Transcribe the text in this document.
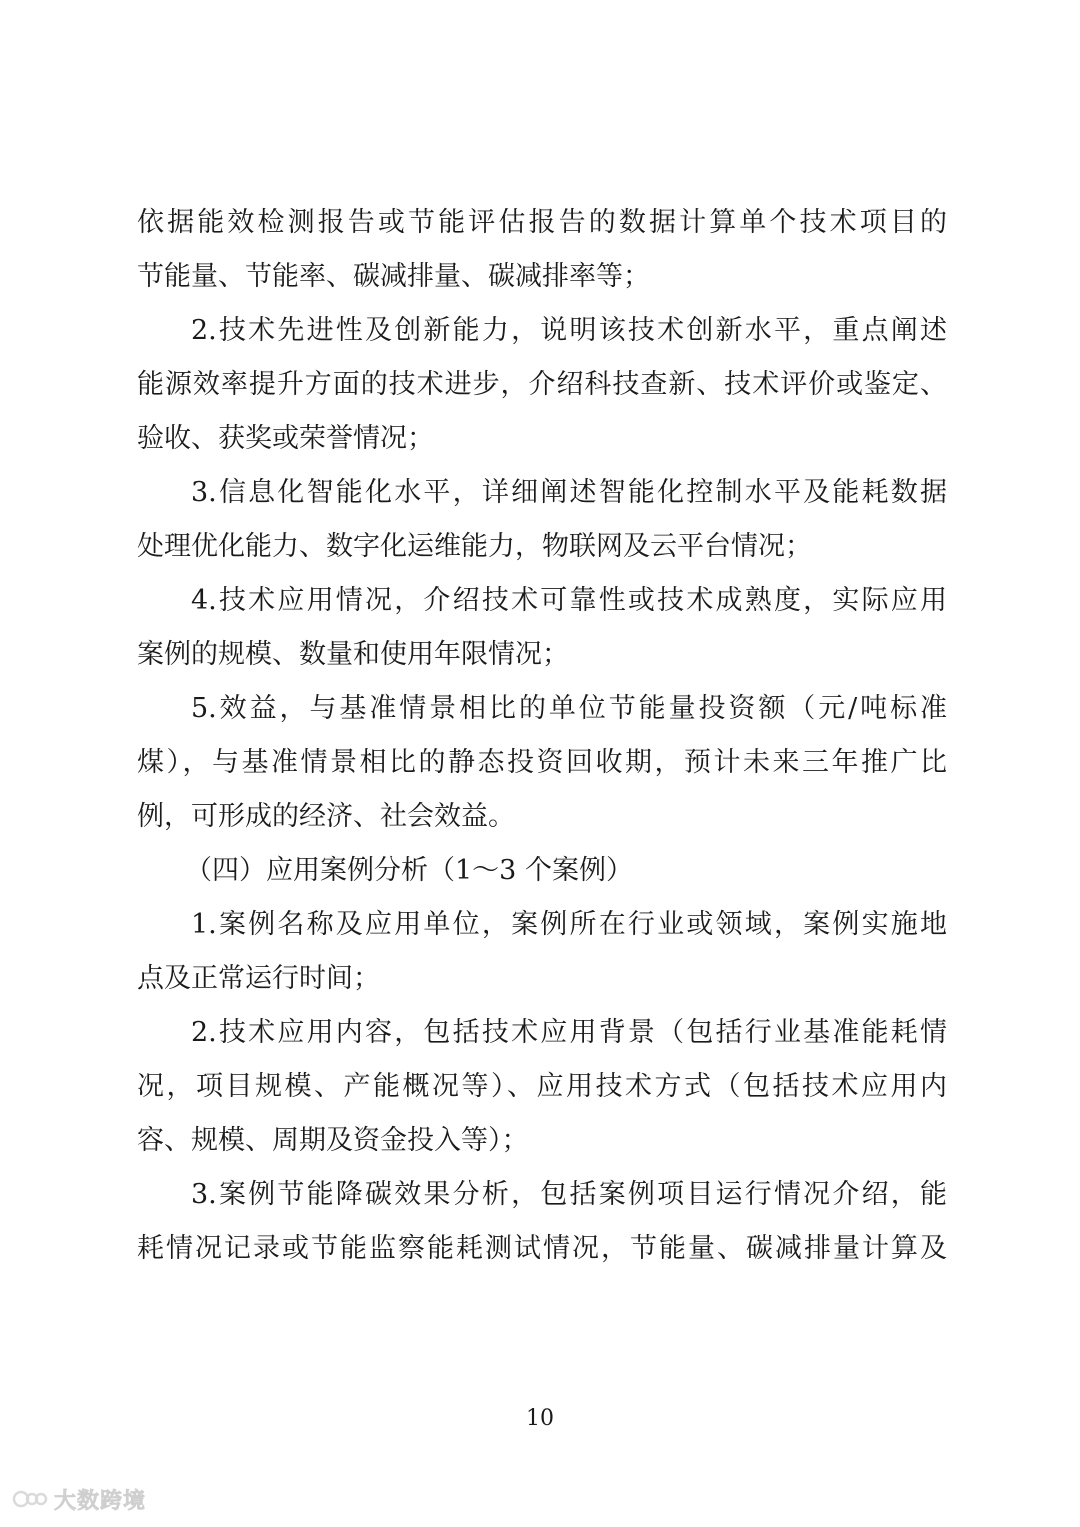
依据能效检测报告或节能评估报告的数据计算单个技术项目的
节能量、节能率、碳减排量、碳减排率等；
2.技术先进性及创新能力，说明该技术创新水平，重点阐述
能源效率提升方面的技术进步，介绍科技查新、技术评价或鉴定、
验收、获奖或荣誉情况；
3.信息化智能化水平，详细阐述智能化控制水平及能耗数据
处理优化能力、数字化运维能力，物联网及云平台情况；
4.技术应用情况，介绍技术可靠性或技术成熟度，实际应用
案例的规模、数量和使用年限情况；
5.效益，与基准情景相比的单位节能量投资额（元/吨标准
煤），与基准情景相比的静态投资回收期，预计未来三年推广比
例，可形成的经济、社会效益。
（四）应用案例分析（1～3 个案例）
1.案例名称及应用单位，案例所在行业或领域，案例实施地
点及正常运行时间；
2.技术应用内容，包括技术应用背景（包括行业基准能耗情
况，项目规模、产能概况等）、应用技术方式（包括技术应用内
容、规模、周期及资金投入等）；
3.案例节能降碳效果分析，包括案例项目运行情况介绍，能
耗情况记录或节能监察能耗测试情况，节能量、碳减排量计算及
10
大数跨境
